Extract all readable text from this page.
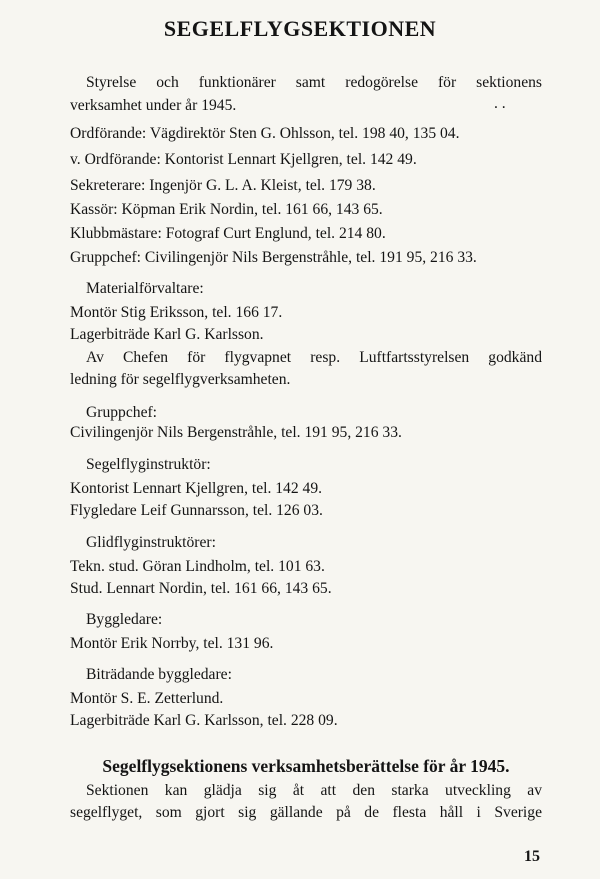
SEGELFLYGSEKTIONEN
Styrelse och funktionärer samt redogörelse för sektionens
verksamhet under år 1945.	. .
Ordförande: Vägdirektör Sten G. Ohlsson, tel. 198 40, 135 04.
v. Ordförande: Kontorist Lennart Kjellgren, tel. 142 49.
Sekreterare: Ingenjör G. L. A. Kleist, tel. 179 38.
Kassör: Köpman Erik Nordin, tel. 161 66, 143 65.
Klubbmästare: Fotograf Curt Englund, tel. 214 80.
Gruppchef: Civilingenjör Nils Bergenstråhle, tel. 191 95, 216 33.
Materialförvaltare:
Montör Stig Eriksson, tel. 166 17.
Lagerbiträde Karl G. Karlsson.
Av Chefen för flygvapnet resp. Luftfartsstyrelsen godkänd
ledning för segelflygverksamheten.
Gruppchef:
Civilingenjör Nils Bergenstråhle, tel. 191 95, 216 33.
Segelflyginstruktör:
Kontorist Lennart Kjellgren, tel. 142 49.
Flygledare Leif Gunnarsson, tel. 126 03.
Glidflyginstruktörer:
Tekn. stud. Göran Lindholm, tel. 101 63.
Stud. Lennart Nordin, tel. 161 66, 143 65.
Byggledare:
Montör Erik Norrby, tel. 131 96.
Biträdande byggledare:
Montör S. E. Zetterlund.
Lagerbiträde Karl G. Karlsson, tel. 228 09.
Segelflygsektionens verksamhetsberättelse för år 1945.
Sektionen kan glädja sig åt att den starka utveckling av
segelflyget, som gjort sig gällande på de flesta håll i Sverige
15
